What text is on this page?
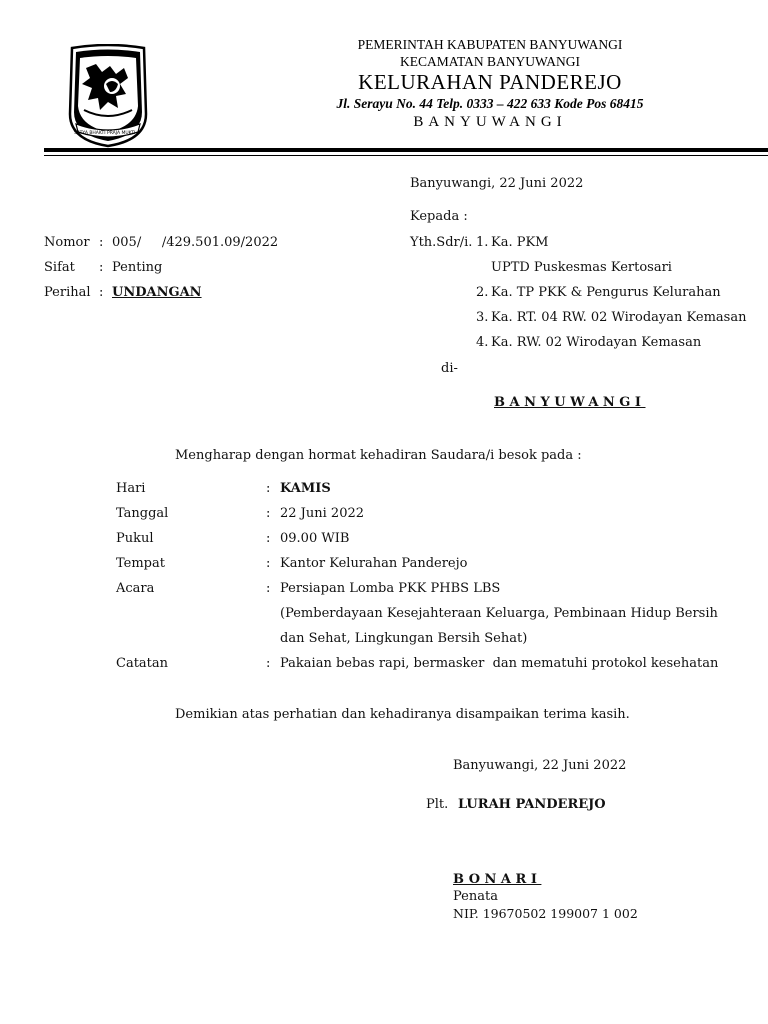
SATYA BHAKTI PRAJA MUKTI
PEMERINTAH KABUPATEN BANYUWANGI
KECAMATAN BANYUWANGI
KELURAHAN PANDEREJO
Jl. Serayu No. 44 Telp. 0333 – 422 633 Kode Pos 68415
BANYUWANGI
Banyuwangi, 22 Juni 2022
Kepada :
Yth.Sdr/i. 1. Ka. PKM
UPTD Puskesmas Kertosari
2. Ka. TP PKK & Pengurus Kelurahan
3. Ka. RT. 04 RW. 02 Wirodayan Kemasan
4. Ka. RW. 02 Wirodayan Kemasan
di-
BANYUWANGI
Nomor : 005/     /429.501.09/2022
Sifat : Penting
Perihal : UNDANGAN
Mengharap dengan hormat kehadiran Saudara/i besok pada :
Hari	: KAMIS
Tanggal	: 22 Juni 2022
Pukul	: 09.00 WIB
Tempat	: Kantor Kelurahan Panderejo
Acara	: Persiapan Lomba PKK PHBS LBS
(Pemberdayaan Kesejahteraan Keluarga, Pembinaan Hidup Bersih
dan Sehat, Lingkungan Bersih Sehat)
Catatan	: Pakaian bebas rapi, bermasker  dan mematuhi protokol kesehatan
Demikian atas perhatian dan kehadiranya disampaikan terima kasih.
Banyuwangi, 22 Juni 2022
Plt. LURAH PANDEREJO
BONARI
Penata
NIP. 19670502 199007 1 002
